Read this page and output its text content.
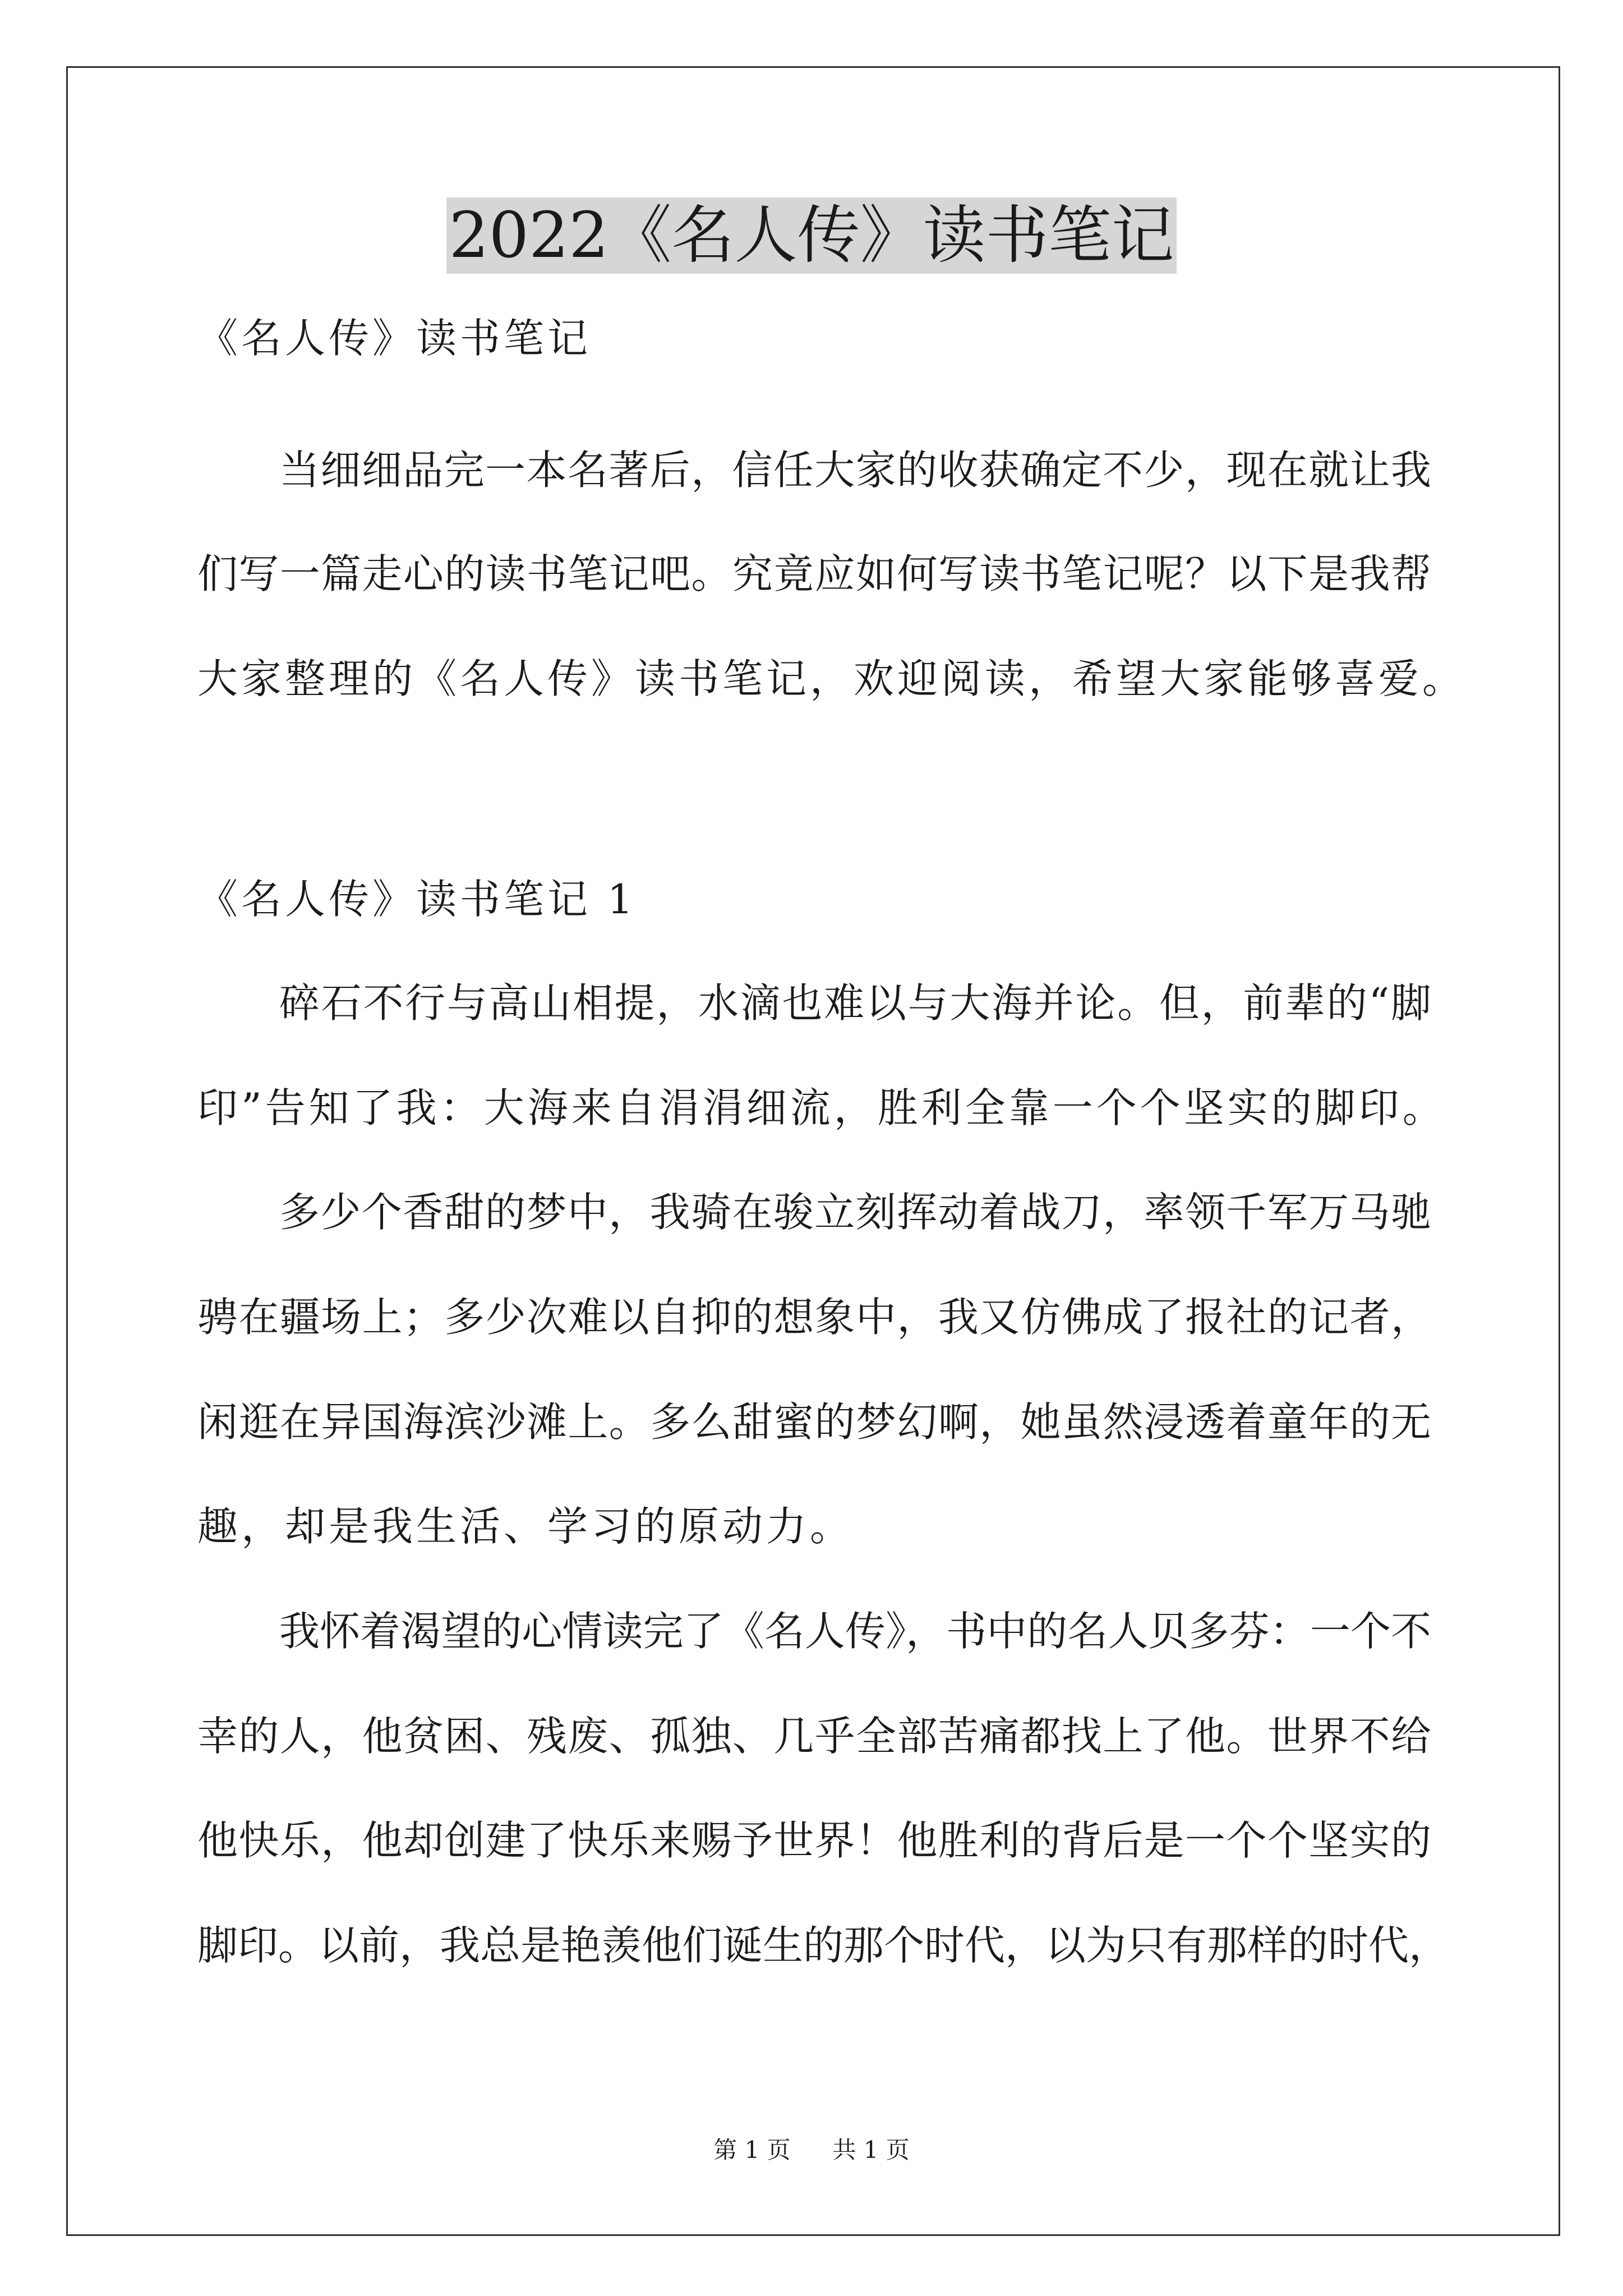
2022《名人传》读书笔记

《名人传》读书笔记

当细细品完一本名著后，信任大家的收获确定不少，现在就让我

们写一篇走心的读书笔记吧。究竟应如何写读书笔记呢？以下是我帮

大家整理的《名人传》读书笔记，欢迎阅读，希望大家能够喜爱。

《名人传》读书笔记 1

碎石不行与高山相提，水滴也难以与大海并论。但，前辈的“脚

印”告知了我：大海来自涓涓细流，胜利全靠一个个坚实的脚印。

多少个香甜的梦中，我骑在骏立刻挥动着战刀，率领千军万马驰

骋在疆场上；多少次难以自抑的想象中，我又仿佛成了报社的记者，

闲逛在异国海滨沙滩上。多么甜蜜的梦幻啊，她虽然浸透着童年的无

趣，却是我生活、学习的原动力。

我怀着渴望的心情读完了《名人传》，书中的名人贝多芬：一个不

幸的人，他贫困、残废、孤独、几乎全部苦痛都找上了他。世界不给

他快乐，他却创建了快乐来赐予世界！他胜利的背后是一个个坚实的

脚印。以前，我总是艳羡他们诞生的那个时代，以为只有那样的时代，

第 1 页 共 1 页
